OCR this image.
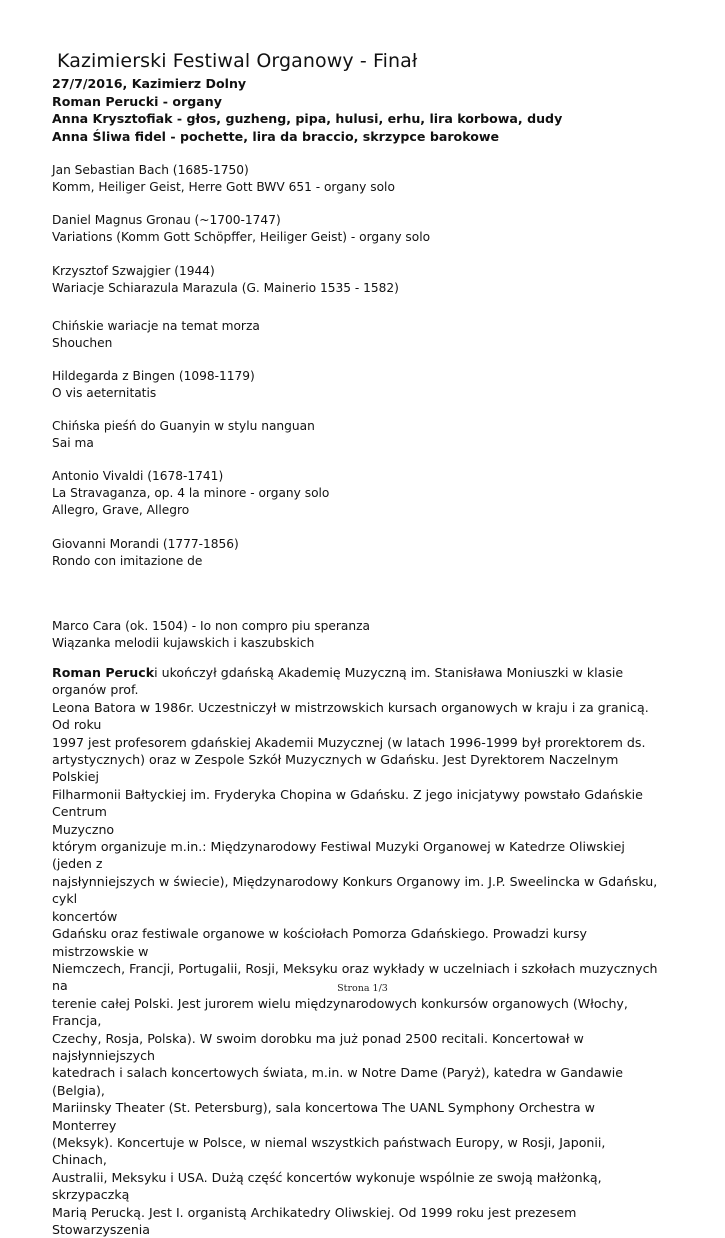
Kazimierski Festiwal Organowy - Finał
27/7/2016, Kazimierz Dolny
Roman Perucki - organy
Anna Krysztofiak - głos, guzheng, pipa, hulusi, erhu, lira korbowa, dudy
Anna Śliwa fidel - pochette, lira da braccio, skrzypce barokowe
Jan Sebastian Bach (1685-1750)
Komm, Heiliger Geist, Herre Gott BWV 651 - organy solo
Daniel Magnus Gronau (~1700-1747)
Variations (Komm Gott Schöpffer, Heiliger Geist) - organy solo
Krzysztof Szwajgier (1944)
Wariacje Schiarazula Marazula (G. Mainerio 1535 - 1582)
Chińskie wariacje na temat morza
Shouchen
Hildegarda z Bingen (1098-1179)
O vis aeternitatis
Chińska pieśń do Guanyin w stylu nanguan
Sai ma
Antonio Vivaldi (1678-1741)
La Stravaganza, op. 4 la minore - organy solo
Allegro, Grave, Allegro
Giovanni Morandi (1777-1856)
Rondo con imitazione de
Marco Cara (ok. 1504) - Io non compro piu speranza
Wiązanka melodii kujawskich i kaszubskich

Roman Perucki ukończył gdańską Akademię Muzyczną im. Stanisława Moniuszki w klasie organów prof.

Leona Batora w 1986r. Uczestniczył w mistrzowskich kursach organowych w kraju i za granicą. Od roku

1997 jest profesorem gdańskiej Akademii Muzycznej (w latach 1996-1999 był prorektorem ds.

artystycznych) oraz w Zespole Szkół Muzycznych w Gdańsku. Jest Dyrektorem Naczelnym Polskiej

Filharmonii Bałtyckiej im. Fryderyka Chopina w Gdańsku. Z jego inicjatywy powstało Gdańskie Centrum

Muzyczno

którym organizuje m.in.: Międzynarodowy Festiwal Muzyki Organowej w Katedrze Oliwskiej (jeden z

najsłynniejszych w świecie), Międzynarodowy Konkurs Organowy im. J.P. Sweelincka w Gdańsku, cykl

koncertów

Gdańsku oraz festiwale organowe w kościołach Pomorza Gdańskiego. Prowadzi kursy mistrzowskie w

Niemczech, Francji, Portugalii, Rosji, Meksyku oraz wykłady w uczelniach i szkołach muzycznych na

terenie całej Polski. Jest jurorem wielu międzynarodowych konkursów organowych (Włochy, Francja,

Czechy, Rosja, Polska). W swoim dorobku ma już ponad 2500 recitali. Koncertował w najsłynniejszych

katedrach i salach koncertowych świata, m.in. w Notre Dame (Paryż), katedra w Gandawie (Belgia),

Mariinsky Theater (St. Petersburg), sala koncertowa The UANL Symphony Orchestra w Monterrey

(Meksyk). Koncertuje w Polsce, w niemal wszystkich państwach Europy, w Rosji, Japonii, Chinach,

Australii, Meksyku i USA. Dużą część koncertów wykonuje wspólnie ze swoją małżonką, skrzypaczką

Marią Perucką. Jest I. organistą Archikatedry Oliwskiej. Od 1999 roku jest prezesem Stowarzyszenia

Strona 1/3
